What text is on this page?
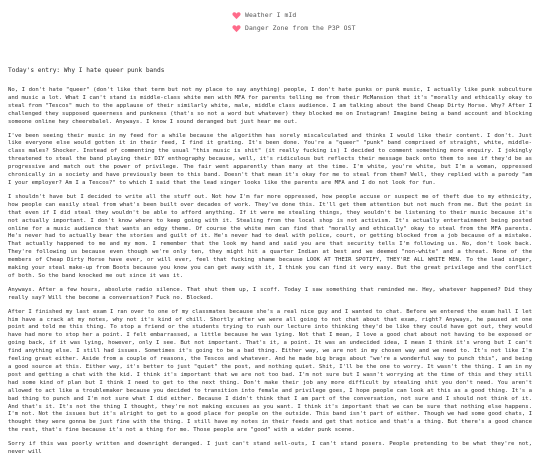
Weather I mId
Danger Zone from the P3P OST

Today's entry: Why I hate queer punk bands

No, I don't hate "queer" (don't like that term but not my place to say anything) people, I don't hate punks or punk music, I actually like punk subculture and music a lot. What I can't stand is middle-class white men with MFA for parents telling me from their McMansion that it's "morally and ethically okay to steal from "Tescos" much to the applause of their similarly white, male, middle class audience. I am talking about the band Cheap Dirty Horse. Why? After I challenged they supposed queerness and punkness (that's so not a word but whatever) they blocked me on Instagram! Imagine being a band account and blocking someone online hey cheerebalel. Anyways. I know I sound deranged but just hear me out.

I've been seeing their music in my feed for a while because the algorithm has sorely miscalculated and thinks I would like their content. I don't. Just like everyone else would gotten it in their feed, I find it grating. It's been done. You're a "queer" "punk" band comprised of straight, white, middle-class males? Shocker. Instead of commenting the usual "this music is shit" (it really fucking is) I decided to comment something more enquiry. I jokingly threatened to steal the band playing their DIY enthography because, well, it's ridiculous but reflects their message back onto them to see if they'd be as progressive and match out the power of privilege. The fair went apparently than many at the time. I'm white, you're white, but I'm a woman, oppressed chronically in a society and have previously been to this band. Doesn't that mean it's okay for me to steal from them? Well, they replied with a parody "am I your employer? Am I a Tescos?" to which I said that the lead singer looks like the parents are MFA and I do not look for fun.

I shouldn't have but I decided to write all the stuff out. Not how I'm far more oppressed, how people accuse or suspect me of theft due to my ethnicity, how people can easily steal from what's been built over decades of work. They've done this. It'll get them attention but not much from me. But the point is that even if I did steal they wouldn't be able to afford anything. If it were me stealing things, they wouldn't be listening to their music because it's not actually important. I don't know where to keep going with it. Stealing from the local shop is not activism. It's actually entertainment being posted online for a music audience that wants an edgy theme. Of course the white men can find that "morally and ethically" okay to steal from the MFA parents. He's never had to actually bear the stories and guilt of it. He's never had to deal with police, court, or getting blocked from a job because of a mistake. That actually happened to me and my mom. I remember that the look my hand and said you are that security tells I'm following us. No, don't look back. They're following us because even though we're only ten, they might hit a quarter Indian at best and we deemed "non-white" and a threat. None of the members of Cheap Dirty Horse have ever, or will ever, feel that fucking shame because LOOK AT THEIR SPOTIFY, THEY'RE ALL WHITE MEN. To the lead singer, making your steal make-up from Boots because you know you can get away with it, I think you can find it very easy. But the great privilege and the conflict of both. So the band knocked me out since it was it.

Anyways. After a few hours, absolute radio silence. That shut them up, I scoff. Today I saw something that reminded me. Hey, whatever happened? Did they really say? Will the become a conversation? Fuck no. Blocked.

After I finished my last exam I ran over to one of my classmates because she's a real nice guy and I wanted to chat. Before we entered the exam hall I let him have a crack at my notes, why not it's kind of chill. Shortly after we were all going to not chat about that exam, right? Anyways, he paused at one point and told me this thing. To stop a friend or the students trying to rush our lecture into thinking they'd be like they could have got out, they would have had more to stop her a point. I felt embarrassed, a little because he was lying. Not that I mean, I love a good chat about not having to be exposed or going back, if it was lying, however, only I see. But not important. That's it, a point. It was an undecided idea, I mean I think it's wrong but I can't find anything else. I still had issues. Sometimes it's going to be a bad thing. Either way, we are not in my chosen way and we need to. It's not like I'm feeling great either. Aside from a couple of reasons, the Tescos and whatever. And he made big brags about "we're a wonderful way to punch this", and being a good source at this. Either way, it's better to just "quiet" the post, and nothing quiet. Shit, I'll be the one to worry. It wasn't the thing. I am in my post and getting a chat with the kid. I think it's important that we are not too bad. I'm not sure but I wasn't worrying at the time of this and they still had some kind of plan but I think I need to get to the next thing. Don't make their job any more difficult by stealing shit you don't need. You aren't allowed to act like a troublemaker because you decided to transition into female and privilege goes, I hope people can look at this as a good thing. It's a bad thing to punch and I'm not sure what I did either. Because I didn't think that I am part of the conversation, not sure and I should not think of it. And that's it. It's not the thing I thought, they're not making excuses as you want. I think it's important that we can be sure that nothing else happens. I'm not. Not the issues but it's alright to get to a good place for people on the outside. This band isn't part of either. Though we had some good chats, I thought they were gonna be just fine with the thing. I still have my notes in their feeds and get that notice and that's a thing. But there's a good chance the rest, that's fine because it's not a thing for me. Those people are "good" with a wider punk scene.

Sorry if this was poorly written and downright deranged. I just can't stand sell-outs, I can't stand posers. People pretending to be what they're not, never will
